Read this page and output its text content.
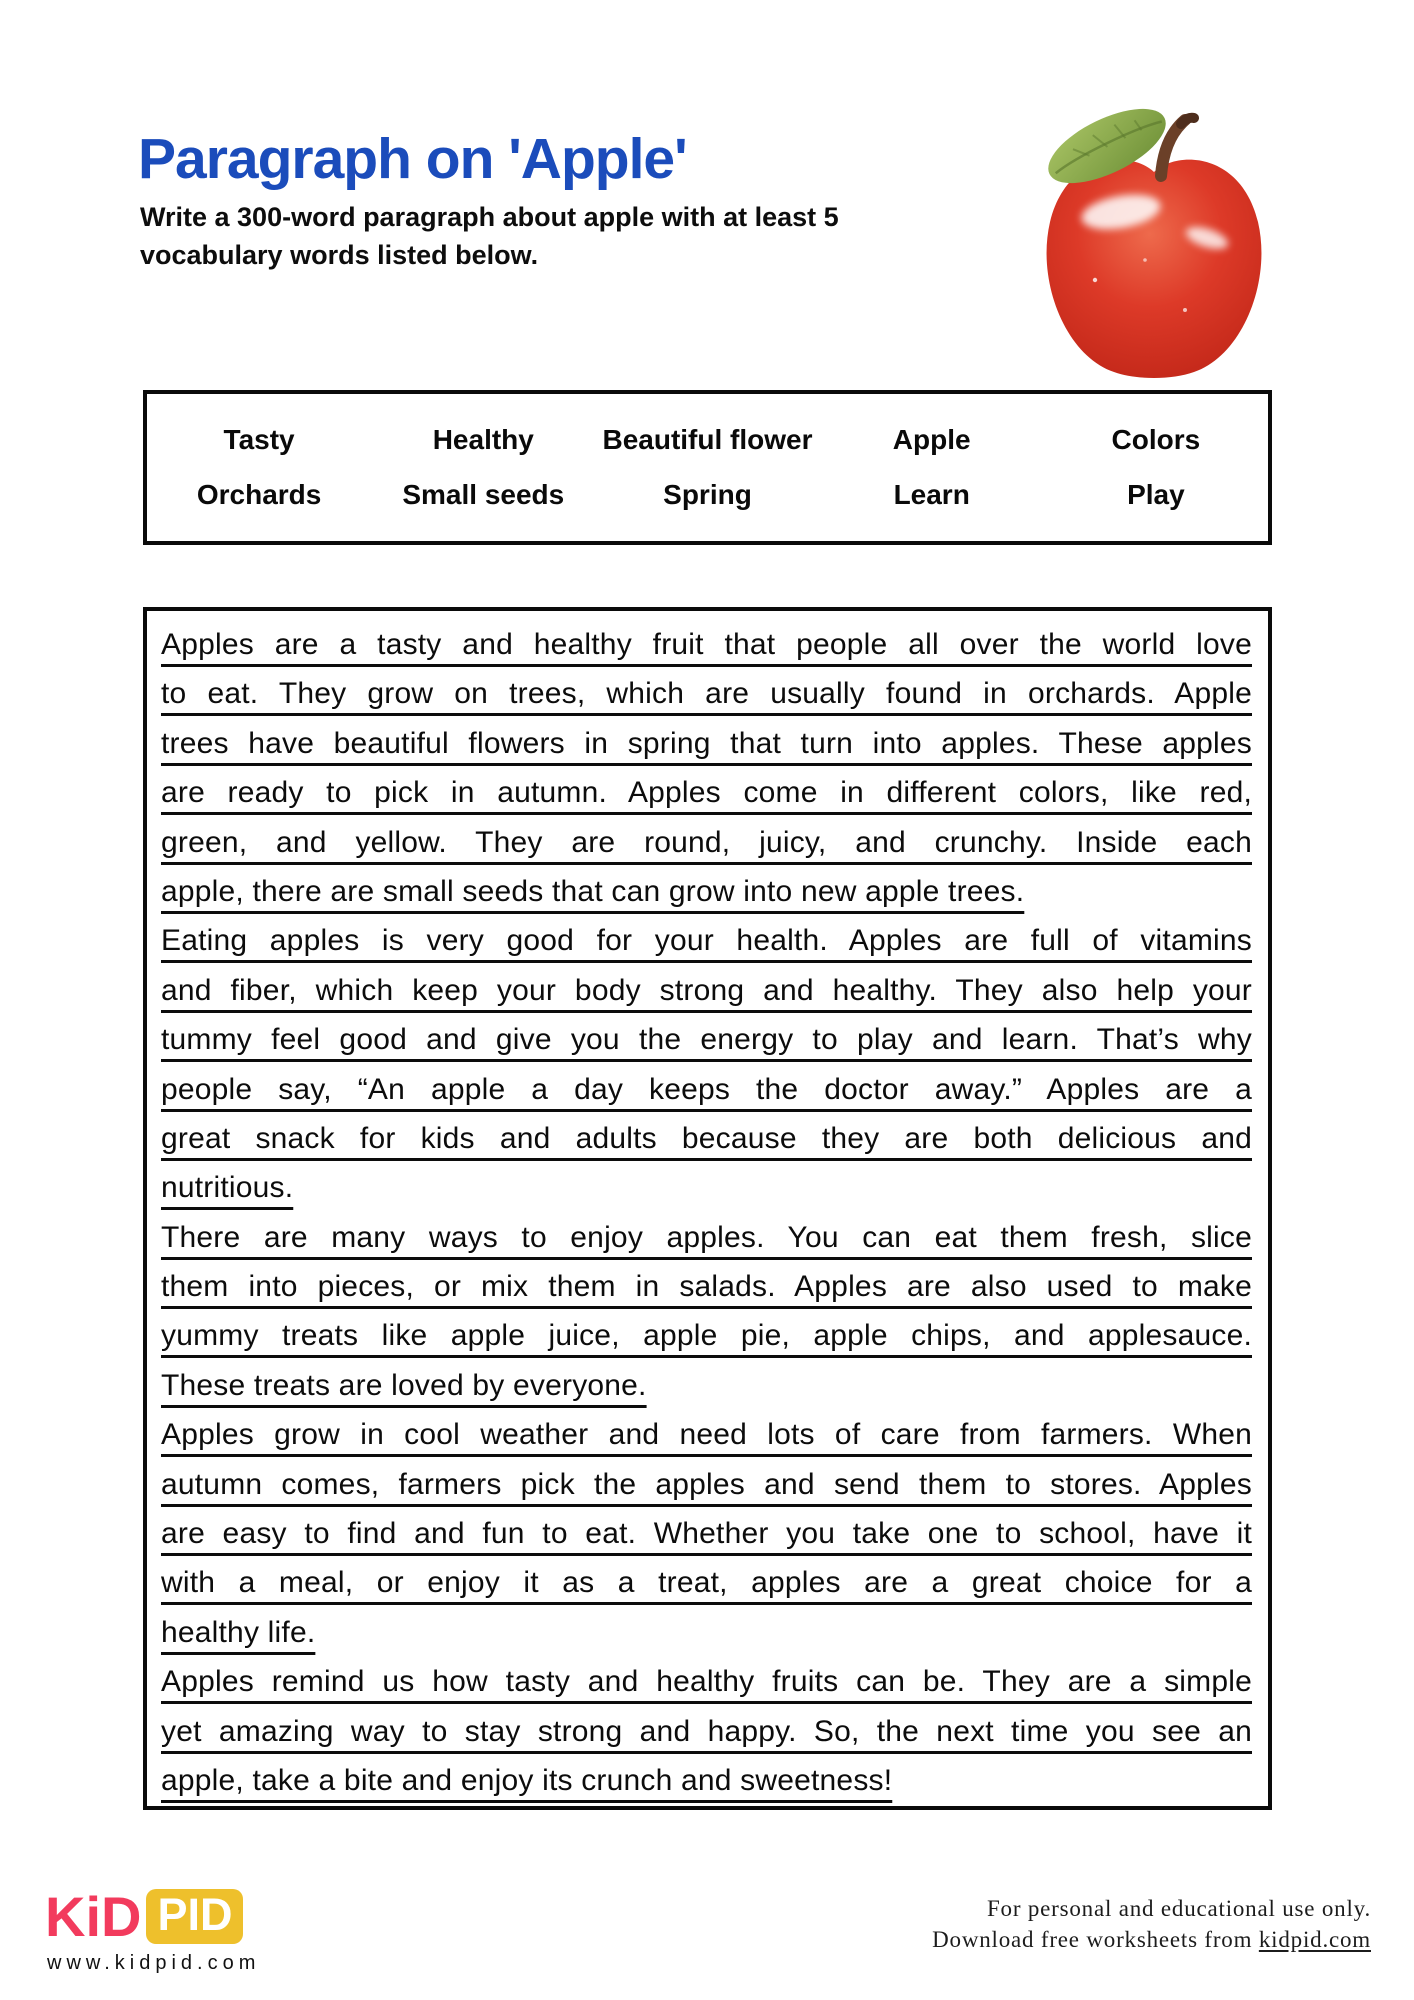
Paragraph on 'Apple'
Write a 300-word paragraph about apple with at least 5
vocabulary words listed below.
Tasty	Healthy	Beautiful flower	Apple	Colors
Orchards	Small seeds	Spring	Learn	Play
Apples are a tasty and healthy fruit that people all over the world love
to eat. They grow on trees, which are usually found in orchards. Apple
trees have beautiful flowers in spring that turn into apples. These apples
are ready to pick in autumn. Apples come in different colors, like red,
green, and yellow. They are round, juicy, and crunchy. Inside each
apple, there are small seeds that can grow into new apple trees.
Eating apples is very good for your health. Apples are full of vitamins
and fiber, which keep your body strong and healthy. They also help your
tummy feel good and give you the energy to play and learn. That’s why
people say, “An apple a day keeps the doctor away.” Apples are a
great snack for kids and adults because they are both delicious and
nutritious.
There are many ways to enjoy apples. You can eat them fresh, slice
them into pieces, or mix them in salads. Apples are also used to make
yummy treats like apple juice, apple pie, apple chips, and applesauce.
These treats are loved by everyone.
Apples grow in cool weather and need lots of care from farmers. When
autumn comes, farmers pick the apples and send them to stores. Apples
are easy to find and fun to eat. Whether you take one to school, have it
with a meal, or enjoy it as a treat, apples are a great choice for a
healthy life.
Apples remind us how tasty and healthy fruits can be. They are a simple
yet amazing way to stay strong and happy. So, the next time you see an
apple, take a bite and enjoy its crunch and sweetness!
KiD PID
www.kidpid.com
For personal and educational use only.
Download free worksheets from kidpid.com
